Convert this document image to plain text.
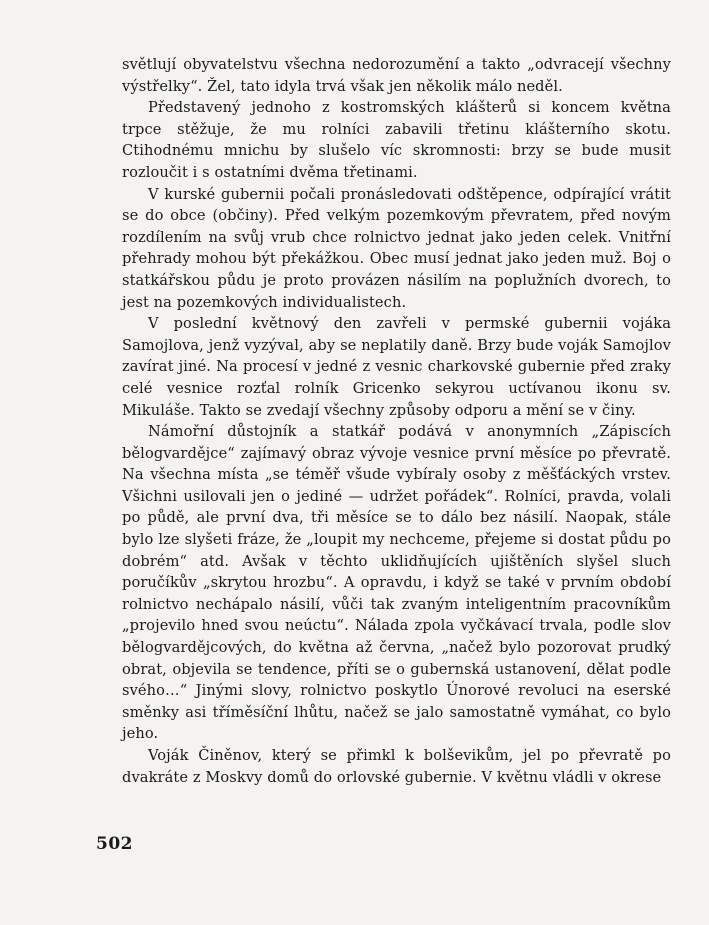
světlují obyvatelstvu všechna nedorozumění a takto „odvracejí všechny výstřelky“. Žel, tato idyla trvá však jen několik málo neděl.

Představený jednoho z kostromských klášterů si koncem května trpce stěžuje, že mu rolníci zabavili třetinu klášterního skotu. Ctihodnému mnichu by slušelo víc skromnosti: brzy se bude musit rozloučit i s ostatními dvěma třetinami.

V kurské gubernii počali pronásledovati odštěpence, odpírající vrátit se do obce (občiny). Před velkým pozemkovým převratem, před novým rozdílením na svůj vrub chce rolnictvo jednat jako jeden celek. Vnitřní přehrady mohou být překážkou. Obec musí jednat jako jeden muž. Boj o statkářskou půdu je proto provázen násilím na poplužních dvorech, to jest na pozemkových individualistech.

V poslední květnový den zavřeli v permské gubernii vojáka Samojlova, jenž vyzýval, aby se neplatily daně. Brzy bude voják Samojlov zavírat jiné. Na procesí v jedné z vesnic charkovské gubernie před zraky celé vesnice rozťal rolník Gricenko sekyrou uctívanou ikonu sv. Mikuláše. Takto se zvedají všechny způsoby odporu a mění se v činy.

Námořní důstojník a statkář podává v anonymních „Zápiscích bělogvardějce“ zajímavý obraz vývoje vesnice první měsíce po převratě. Na všechna místa „se téměř všude vybíraly osoby z měšťáckých vrstev. Všichni usilovali jen o jediné — udržet pořádek“. Rolníci, pravda, volali po půdě, ale první dva, tři měsíce se to dálo bez násilí. Naopak, stále bylo lze slyšeti fráze, že „loupit my nechceme, přejeme si dostat půdu po dobrém“ atd. Avšak v těchto uklidňujících ujištěních slyšel sluch poručíkův „skrytou hrozbu“. A opravdu, i když se také v prvním období rolnictvo nechápalo násilí, vůči tak zvaným inteligentním pracovníkům „projevilo hned svou neúctu“. Nálada zpola vyčkávací trvala, podle slov bělogvardějcových, do května až června, „načež bylo pozorovat prudký obrat, objevila se tendence, příti se o gubernská ustanovení, dělat podle svého…“ Jinými slovy, rolnictvo poskytlo Únorové revoluci na eserské směnky asi tříměsíční lhůtu, načež se jalo samostatně vymáhat, co bylo jeho.

Voják Činěnov, který se přimkl k bolševikům, jel po převratě po dvakráte z Moskvy domů do orlovské gubernie. V květnu vládli v okrese

502
